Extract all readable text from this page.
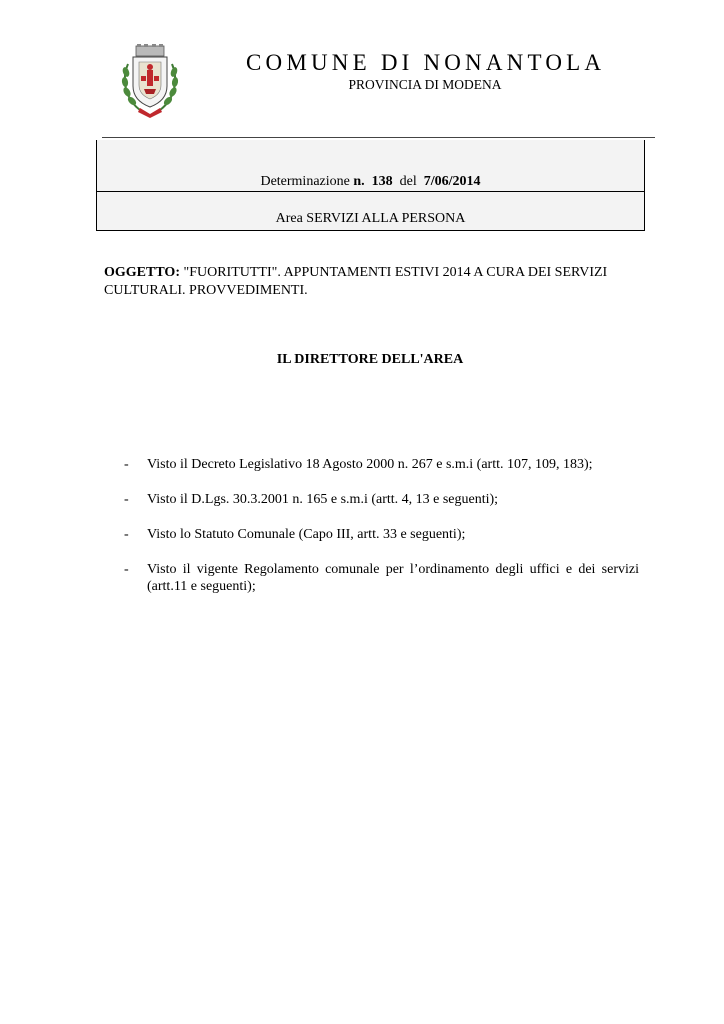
COMUNE DI NONANTOLA
PROVINCIA DI MODENA
Determinazione n. 138 del 7/06/2014
Area SERVIZI ALLA PERSONA
OGGETTO: "FUORITUTTI". APPUNTAMENTI ESTIVI 2014 A CURA DEI SERVIZI CULTURALI. PROVVEDIMENTI.
IL DIRETTORE DELL'AREA
- Visto il Decreto Legislativo 18 Agosto 2000 n. 267 e s.m.i (artt. 107, 109, 183);
- Visto il D.Lgs. 30.3.2001 n. 165 e s.m.i (artt. 4, 13 e seguenti);
- Visto lo Statuto Comunale (Capo III, artt. 33 e seguenti);
- Visto il vigente Regolamento comunale per l’ordinamento degli uffici e dei servizi (artt.11 e seguenti);
